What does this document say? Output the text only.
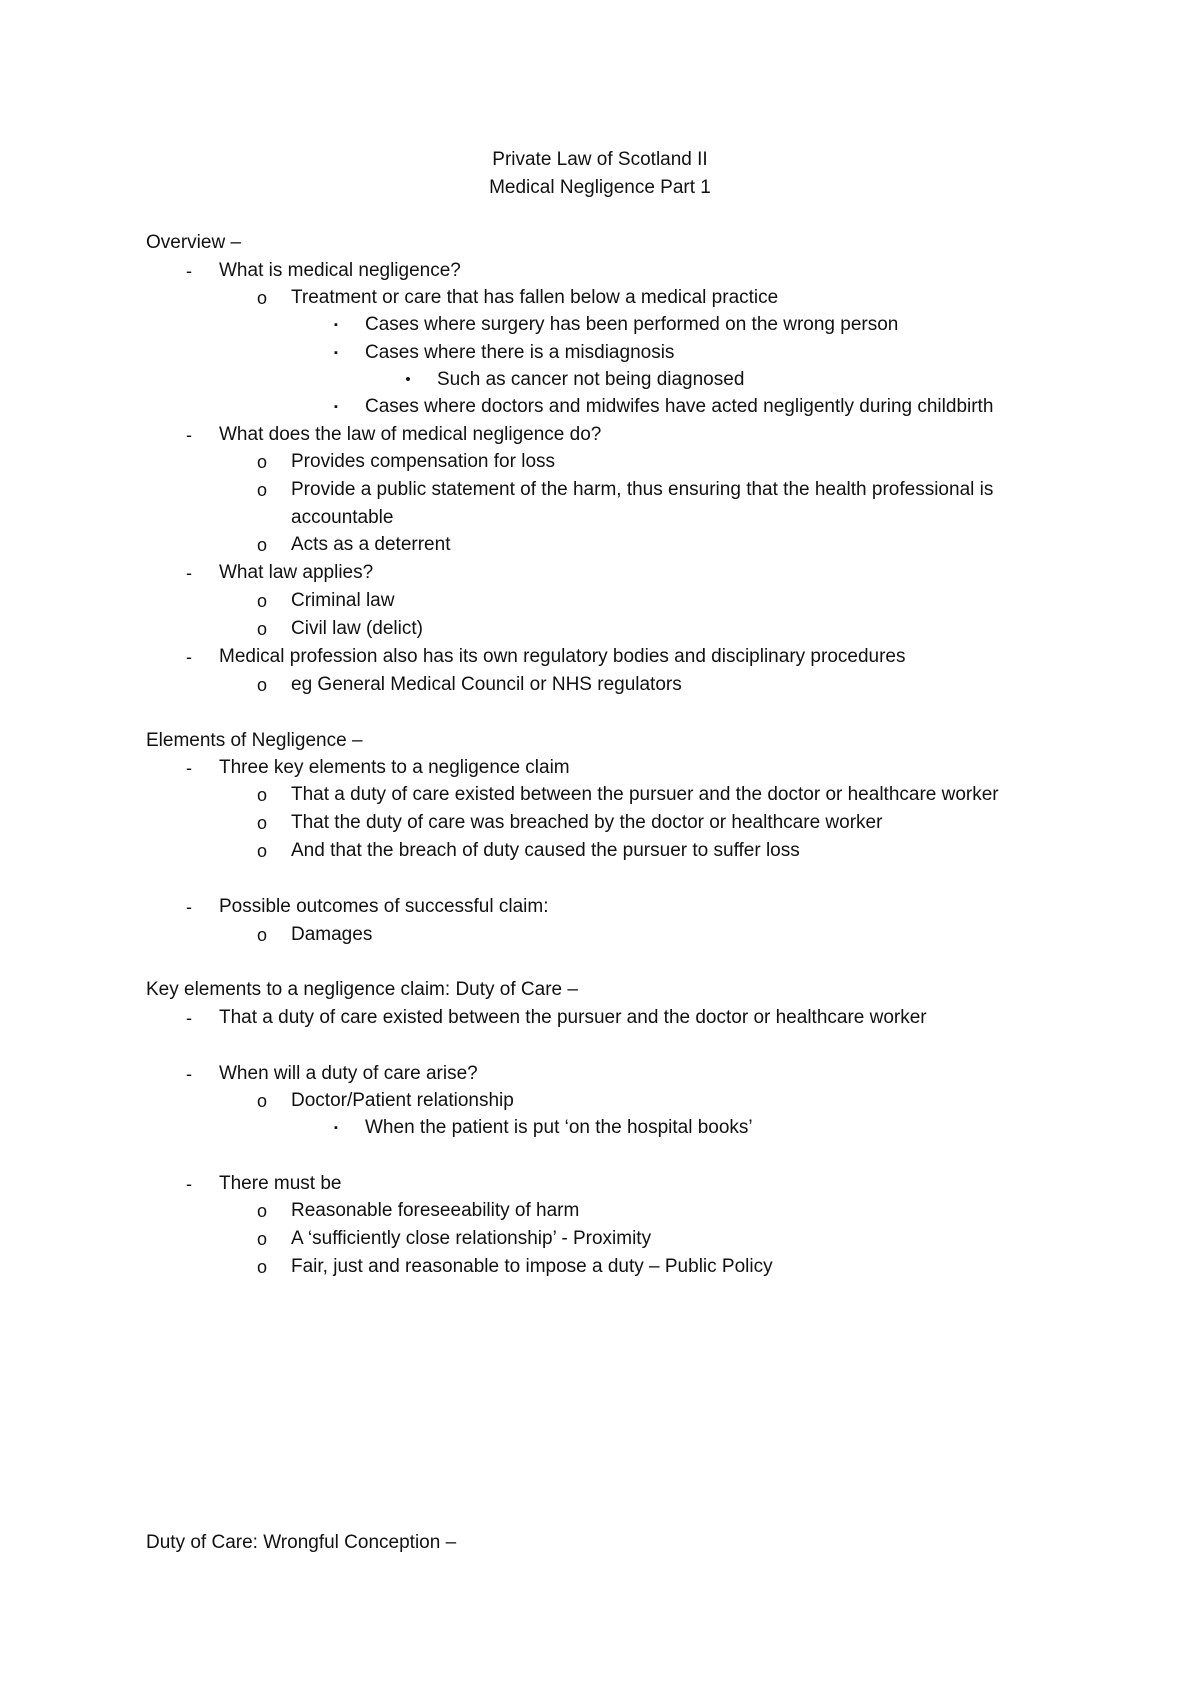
Private Law of Scotland II
Medical Negligence Part 1
Overview –
-	What is medical negligence?
o Treatment or care that has fallen below a medical practice
▪	Cases where surgery has been performed on the wrong person
▪	Cases where there is a misdiagnosis
•	Such as cancer not being diagnosed
▪	Cases where doctors and midwifes have acted negligently during childbirth
-	What does the law of medical negligence do?
o Provides compensation for loss
o Provide a public statement of the harm, thus ensuring that the health professional is
accountable
o Acts as a deterrent
-	What law applies?
o Criminal law
o Civil law (delict)
-	Medical profession also has its own regulatory bodies and disciplinary procedures
o eg General Medical Council or NHS regulators
Elements of Negligence –
-	Three key elements to a negligence claim
o That a duty of care existed between the pursuer and the doctor or healthcare worker
o That the duty of care was breached by the doctor or healthcare worker
o And that the breach of duty caused the pursuer to suffer loss
-	Possible outcomes of successful claim:
o Damages
Key elements to a negligence claim: Duty of Care –
-	That a duty of care existed between the pursuer and the doctor or healthcare worker
-	When will a duty of care arise?
o Doctor/Patient relationship
▪	When the patient is put ‘on the hospital books’
-	There must be
o Reasonable foreseeability of harm
o A ‘sufficiently close relationship’ - Proximity
o Fair, just and reasonable to impose a duty – Public Policy
Duty of Care: Wrongful Conception –
